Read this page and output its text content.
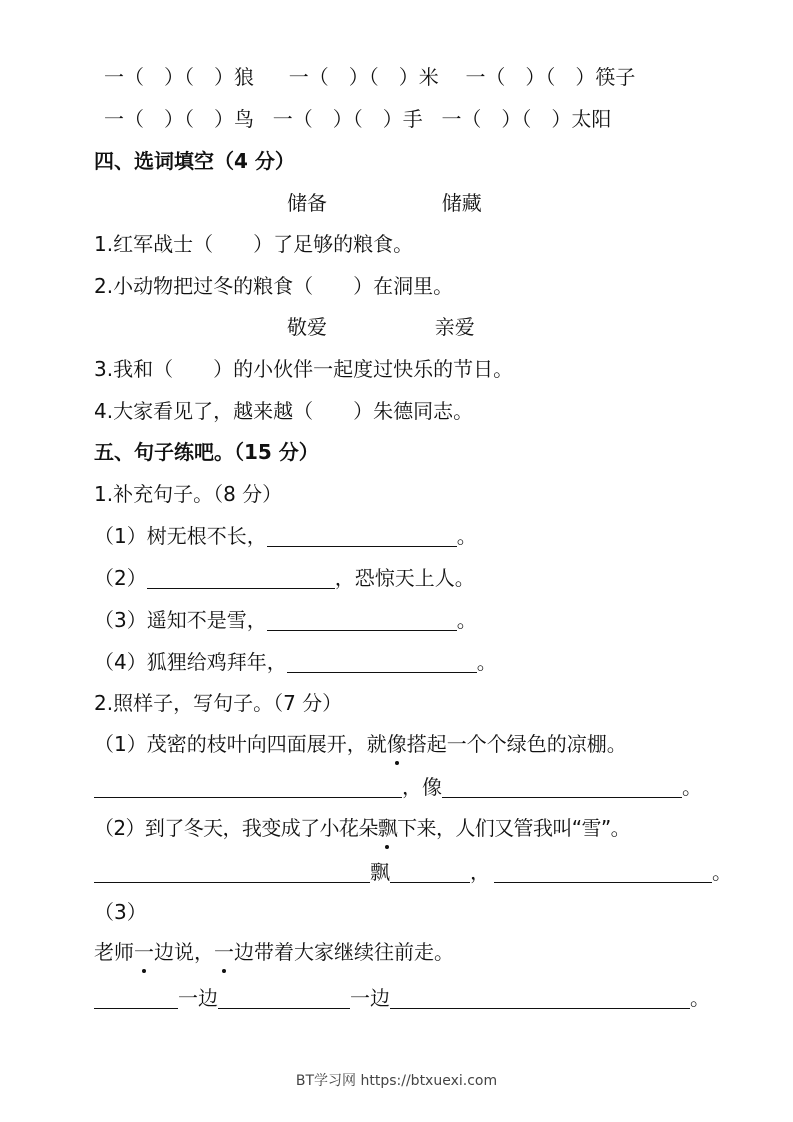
一（　）（　）狼 一（　）（　）米 一（　）（　）筷子
一（　）（　）鸟 一（　）（　）手 一（　）（　）太阳
四、选词填空（4 分）
储备	储藏
1.红军战士（　　）了足够的粮食。
2.小动物把过冬的粮食（　　）在洞里。
敬爱	亲爱
3.我和（　　）的小伙伴一起度过快乐的节日。
4.大家看见了，越来越（　　）朱德同志。
五、句子练吧。（15 分）
1.补充句子。（8 分）
（1）树无根不长，	。
（2）	，恐惊天上人。
（3）遥知不是雪，	。
（4）狐狸给鸡拜年，	。
2.照样子，写句子。（7 分）
（1）茂密的枝叶向四面展开，就像搭起一个个绿色的凉棚。
，像	。
（2）到了冬天，我变成了小花朵飘下来，人们又管我叫“雪”。
飘	，	。
（3）
老师一边说，一边带着大家继续往前走。
一边	一边	。
BT学习网 https://btxuexi.com
